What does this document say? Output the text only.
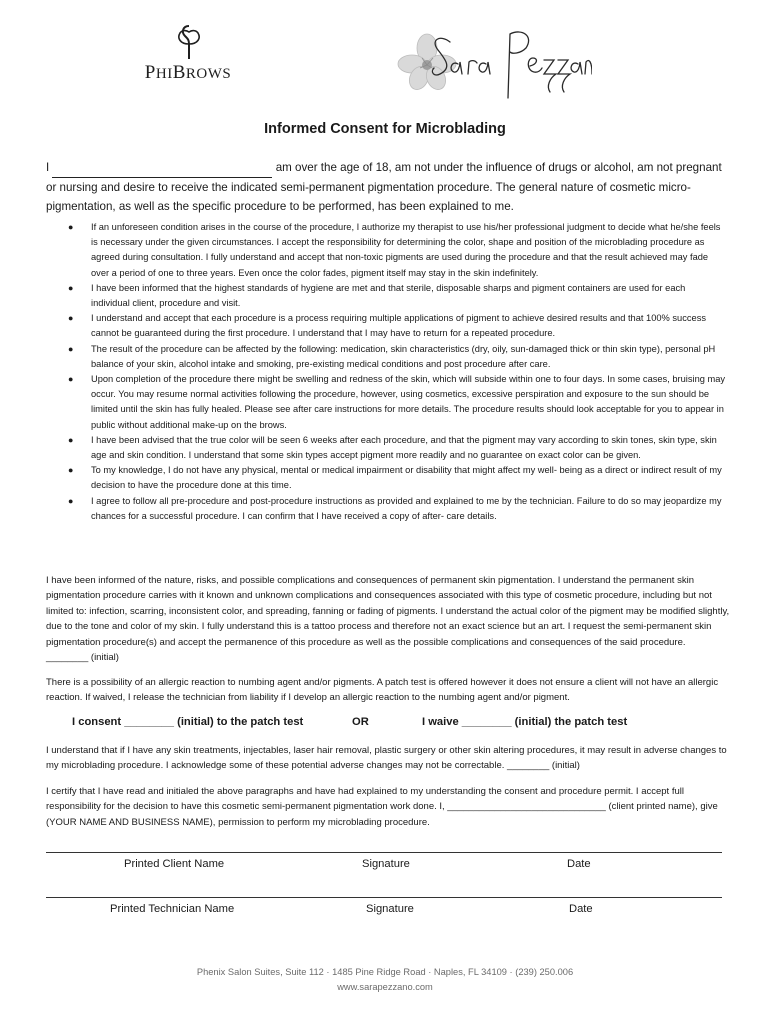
PHIBROWS
Informed Consent for Microblading
I	am over the age of 18, am not under the influence of drugs or alcohol, am not pregnant or nursing and desire to receive the indicated semi-permanent pigmentation procedure. The general nature of cosmetic micro-pigmentation, as well as the specific procedure to be performed, has been explained to me.
● If an unforeseen condition arises in the course of the procedure, I authorize my therapist to use his/her professional judgment to decide what he/she feels is necessary under the given circumstances. I accept the responsibility for determining the color, shape and position of the microblading procedure as agreed during consultation. I fully understand and accept that non-toxic pigments are used during the procedure and that the result achieved may fade over a period of one to three years. Even once the color fades, pigment itself may stay in the skin indefinitely.
● I have been informed that the highest standards of hygiene are met and that sterile, disposable sharps and pigment containers are used for each individual client, procedure and visit.
● I understand and accept that each procedure is a process requiring multiple applications of pigment to achieve desired results and that 100% success cannot be guaranteed during the first procedure. I understand that I may have to return for a repeated procedure.
● The result of the procedure can be affected by the following: medication, skin characteristics (dry, oily, sun-damaged thick or thin skin type), personal pH balance of your skin, alcohol intake and smoking, pre-existing medical conditions and post procedure after care.
● Upon completion of the procedure there might be swelling and redness of the skin, which will subside within one to four days. In some cases, bruising may occur. You may resume normal activities following the procedure, however, using cosmetics, excessive perspiration and exposure to the sun should be limited until the skin has fully healed. Please see after care instructions for more details. The procedure results should look acceptable for you to appear in public without additional make-up on the brows.
● I have been advised that the true color will be seen 6 weeks after each procedure, and that the pigment may vary according to skin tones, skin type, skin age and skin condition. I understand that some skin types accept pigment more readily and no guarantee on exact color can be given.
● To my knowledge, I do not have any physical, mental or medical impairment or disability that might affect my well- being as a direct or indirect result of my decision to have the procedure done at this time.
● I agree to follow all pre-procedure and post-procedure instructions as provided and explained to me by the technician. Failure to do so may jeopardize my chances for a successful procedure. I can confirm that I have received a copy of after- care details.

I have been informed of the nature, risks, and possible complications and consequences of permanent skin pigmentation. I understand the permanent skin pigmentation procedure carries with it known and unknown complications and consequences associated with this type of cosmetic procedure, including but not limited to: infection, scarring, inconsistent color, and spreading, fanning or fading of pigments. I understand the actual color of the pigment may be modified slightly, due to the tone and color of my skin. I fully understand this is a tattoo process and therefore not an exact science but an art. I request the semi-permanent skin pigmentation procedure(s) and accept the permanence of this procedure as well as the possible complications and consequences of the said procedure. ________ (initial)

There is a possibility of an allergic reaction to numbing agent and/or pigments. A patch test is offered however it does not ensure a client will not have an allergic reaction. If waived, I release the technician from liability if I develop an allergic reaction to the numbing agent and/or pigment.

I consent ________ (initial) to the patch test	OR	I waive ________ (initial) the patch test

I understand that if I have any skin treatments, injectables, laser hair removal, plastic surgery or other skin altering procedures, it may result in adverse changes to my microblading procedure. I acknowledge some of these potential adverse changes may not be correctable. ________ (initial)

I certify that I have read and initialed the above paragraphs and have had explained to my understanding the consent and procedure permit. I accept full responsibility for the decision to have this cosmetic semi-permanent pigmentation work done. I, ______________________________ (client printed name), give (YOUR NAME AND BUSINESS NAME), permission to perform my microblading procedure.

Printed Client Name	Signature	Date
Printed Technician Name	Signature	Date
Phenix Salon Suites, Suite 112 · 1485 Pine Ridge Road · Naples, FL 34109 · (239) 250.006
www.sarapezzano.com
